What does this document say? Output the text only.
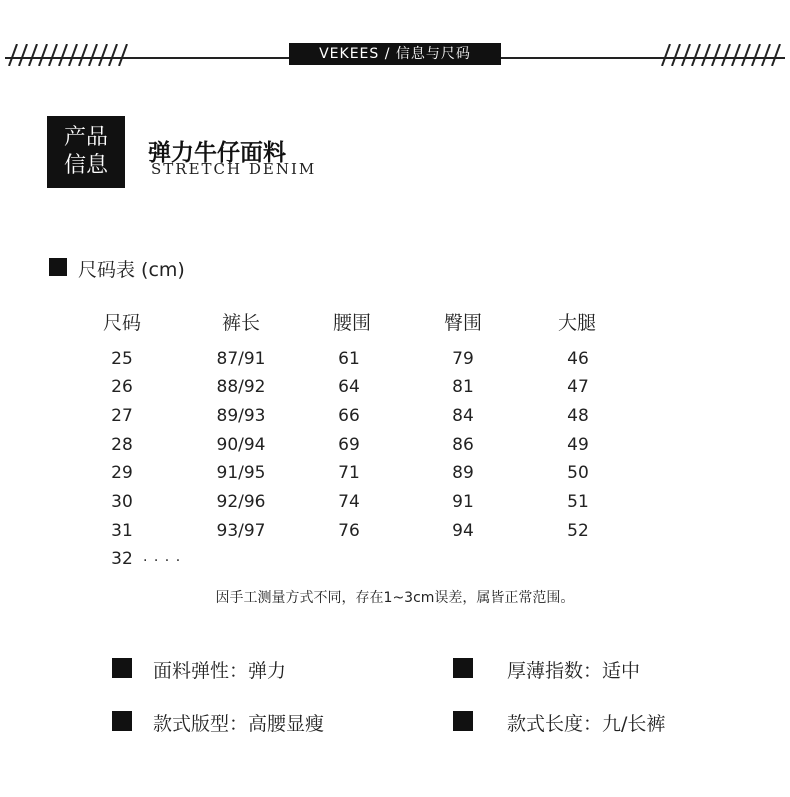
VEKEES / 信息与尺码
产品
信息 弹力牛仔面料
STRETCH DENIM
尺码表 (cm)
尺码	裤长	腰围	臀围	大腿
25	87/91	61	79	46
26	88/92	64	81	47
27	89/93	66	84	48
28	90/94	69	86	49
29	91/95	71	89	50
30	92/96	74	91	51
31	93/97	76	94	52
32 . . . .
因手工测量方式不同，存在1~3cm误差，属皆正常范围。
面料弹性：弹力	厚薄指数：适中
款式版型：高腰显瘦	款式长度：九/长裤
